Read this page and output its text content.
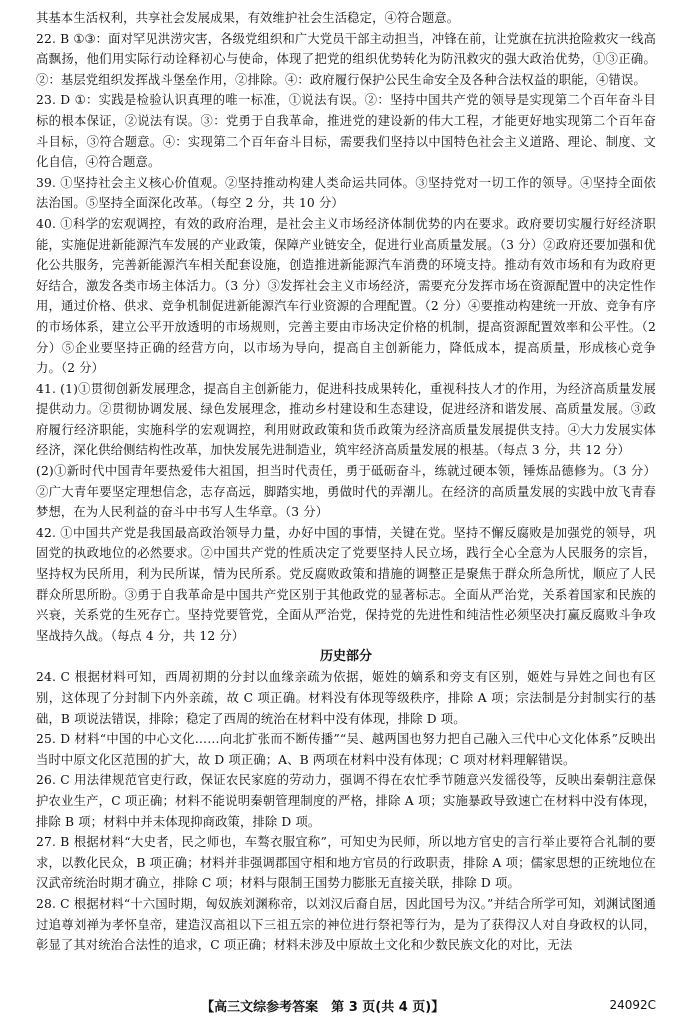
其基本生活权利，共享社会发展成果，有效维护社会生活稳定，④符合题意。

22. B ①③：面对罕见洪涝灾害，各级党组织和广大党员干部主动担当，冲锋在前，让党旗在抗洪抢险救灾一线高高飘扬，他们用实际行动诠释初心与使命，体现了把党的组织优势转化为防汛救灾的强大政治优势，①③正确。②：基层党组织发挥战斗堡垒作用，②排除。④：政府履行保护公民生命安全及各种合法权益的职能，④错误。

23. D ①：实践是检验认识真理的唯一标准，①说法有误。②：坚持中国共产党的领导是实现第二个百年奋斗目标的根本保证，②说法有误。③：党勇于自我革命，推进党的建设新的伟大工程，才能更好地实现第二个百年奋斗目标，③符合题意。④：实现第二个百年奋斗目标，需要我们坚持以中国特色社会主义道路、理论、制度、文化自信，④符合题意。

39. ①坚持社会主义核心价值观。②坚持推动构建人类命运共同体。③坚持党对一切工作的领导。④坚持全面依法治国。⑤坚持全面深化改革。（每空 2 分，共 10 分）

40. ①科学的宏观调控，有效的政府治理，是社会主义市场经济体制优势的内在要求。政府要切实履行好经济职能，实施促进新能源汽车发展的产业政策，保障产业链安全，促进行业高质量发展。（3 分）②政府还要加强和优化公共服务，完善新能源汽车相关配套设施，创造推进新能源汽车消费的环境支持。推动有效市场和有为政府更好结合，激发各类市场主体活力。（3 分）③发挥社会主义市场经济，需要充分发挥市场在资源配置中的决定性作用，通过价格、供求、竞争机制促进新能源汽车行业资源的合理配置。（2 分）④要推动构建统一开放、竞争有序的市场体系，建立公平开放透明的市场规则，完善主要由市场决定价格的机制，提高资源配置效率和公平性。（2 分）⑤企业要坚持正确的经营方向，以市场为导向，提高自主创新能力，降低成本，提高质量，形成核心竞争力。（2 分）

41. (1)①贯彻创新发展理念，提高自主创新能力，促进科技成果转化，重视科技人才的作用，为经济高质量发展提供动力。②贯彻协调发展、绿色发展理念，推动乡村建设和生态建设，促进经济和谐发展、高质量发展。③政府履行经济职能，实施科学的宏观调控，利用财政政策和货币政策为经济高质量发展提供支持。④大力发展实体经济，深化供给侧结构性改革，加快发展先进制造业，筑牢经济高质量发展的根基。（每点 3 分，共 12 分）

(2)①新时代中国青年要热爱伟大祖国，担当时代责任，勇于砥砺奋斗，练就过硬本领，锤炼品德修为。（3 分）②广大青年要坚定理想信念，志存高远，脚踏实地，勇做时代的弄潮儿。在经济的高质量发展的实践中放飞青春梦想，在为人民利益的奋斗中书写人生华章。（3 分）

42. ①中国共产党是我国最高政治领导力量，办好中国的事情，关键在党。坚持不懈反腐败是加强党的领导，巩固党的执政地位的必然要求。②中国共产党的性质决定了党要坚持人民立场，践行全心全意为人民服务的宗旨，坚持权为民所用，利为民所谋，情为民所系。党反腐败政策和措施的调整正是聚焦于群众所急所忧，顺应了人民群众所思所盼。③勇于自我革命是中国共产党区别于其他政党的显著标志。全面从严治党，关系着国家和民族的兴衰，关系党的生死存亡。坚持党要管党，全面从严治党，保持党的先进性和纯洁性必须坚决打赢反腐败斗争攻坚战持久战。（每点 4 分，共 12 分）

历史部分

24. C 根据材料可知，西周初期的分封以血缘亲疏为依据，姬姓的嫡系和旁支有区别，姬姓与异姓之间也有区别，这体现了分封制下内外亲疏，故 C 项正确。材料没有体现等级秩序，排除 A 项；宗法制是分封制实行的基础，B 项说法错误，排除；稳定了西周的统治在材料中没有体现，排除 D 项。

25. D 材料“中国的中心文化……向北扩张而不断传播”“吴、越两国也努力把自己融入三代中心文化体系”反映出当时中原文化区范围的扩大，故 D 项正确；A、B 两项在材料中没有体现；C 项对材料理解错误。

26. C 用法律规范官吏行政，保证农民家庭的劳动力，强调不得在农忙季节随意兴发徭役等，反映出秦朝注意保护农业生产，C 项正确；材料不能说明秦朝管理制度的严格，排除 A 项；实施暴政导致速亡在材料中没有体现，排除 B 项；材料中并未体现抑商政策，排除 D 项。

27. B 根据材料“大史者，民之师也，车骜衣服宜称”，可知史为民师，所以地方官史的言行举止要符合礼制的要求，以教化民众，B 项正确；材料并非强调郡国守相和地方官员的行政职责，排除 A 项；儒家思想的正统地位在汉武帝统治时期才确立，排除 C 项；材料与限制王国势力膨胀无直接关联，排除 D 项。

28. C 根据材料“十六国时期，匈奴族刘渊称帝，以刘汉后裔自居，因此国号为汉。”并结合所学可知，刘渊试图通过追尊刘禅为孝怀皇帝，建造汉高祖以下三祖五宗的神位进行祭祀等行为，是为了获得汉人对自身政权的认同，彰显了其对统治合法性的追求，C 项正确；材料未涉及中原故土文化和少数民族文化的对比，无法

【高三文综参考答案　第 3 页(共 4 页)】	24092C
